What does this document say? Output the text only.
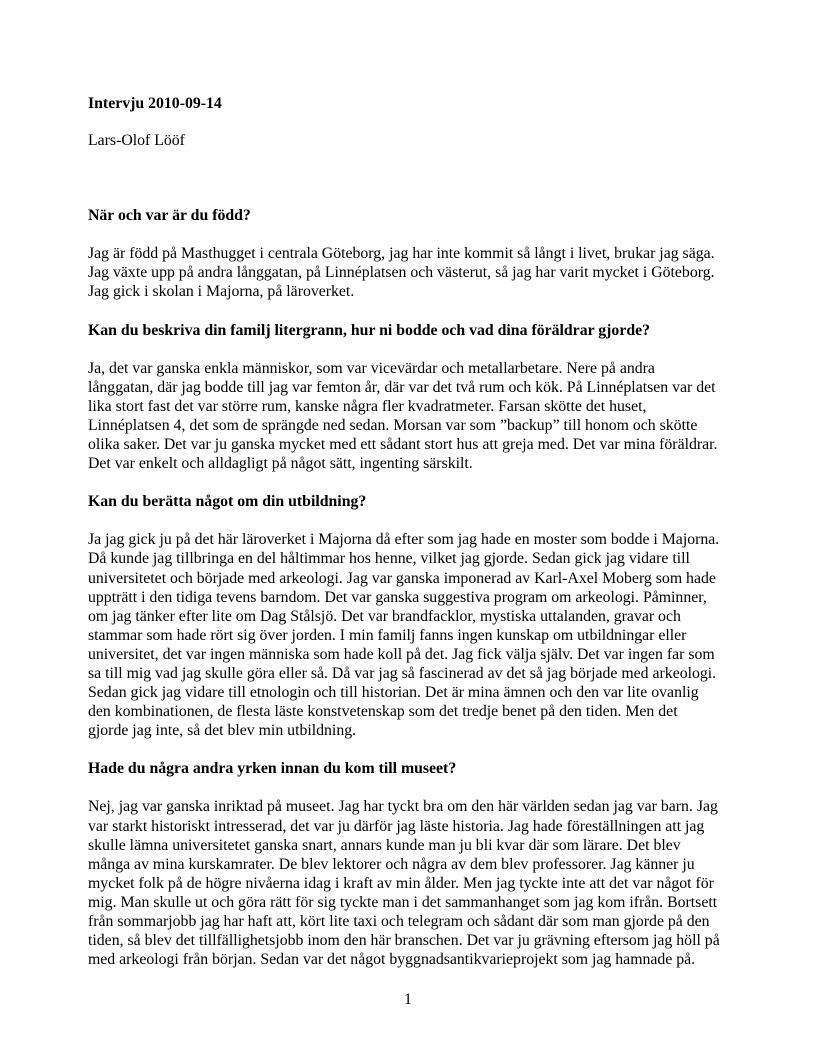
Intervju 2010-09-14

Lars-Olof Lööf

När och var är du född?

Jag är född på Masthugget i centrala Göteborg, jag har inte kommit så långt i livet, brukar jag säga.
Jag växte upp på andra långgatan, på Linnéplatsen och västerut, så jag har varit mycket i Göteborg.
Jag gick i skolan i Majorna, på läroverket.

Kan du beskriva din familj litergrann, hur ni bodde och vad dina föräldrar gjorde?

Ja, det var ganska enkla människor, som var vicevärdar och metallarbetare. Nere på andra
långgatan, där jag bodde till jag var femton år, där var det två rum och kök. På Linnéplatsen var det
lika stort fast det var större rum, kanske några fler kvadratmeter. Farsan skötte det huset,
Linnéplatsen 4, det som de sprängde ned sedan. Morsan var som ”backup” till honom och skötte
olika saker. Det var ju ganska mycket med ett sådant stort hus att greja med. Det var mina föräldrar.
Det var enkelt och alldagligt på något sätt, ingenting särskilt.

Kan du berätta något om din utbildning?

Ja jag gick ju på det här läroverket i Majorna då efter som jag hade en moster som bodde i Majorna.
Då kunde jag tillbringa en del håltimmar hos henne, vilket jag gjorde. Sedan gick jag vidare till
universitetet och började med arkeologi. Jag var ganska imponerad av Karl-Axel Moberg som hade
uppträtt i den tidiga tevens barndom. Det var ganska suggestiva program om arkeologi. Påminner,
om jag tänker efter lite om Dag Stålsjö. Det var brandfacklor, mystiska uttalanden, gravar och
stammar som hade rört sig över jorden. I min familj fanns ingen kunskap om utbildningar eller
universitet, det var ingen människa som hade koll på det. Jag fick välja själv. Det var ingen far som
sa till mig vad jag skulle göra eller så. Då var jag så fascinerad av det så jag började med arkeologi.
Sedan gick jag vidare till etnologin och till historian. Det är mina ämnen och den var lite ovanlig
den kombinationen, de flesta läste konstvetenskap som det tredje benet på den tiden. Men det
gjorde jag inte, så det blev min utbildning.

Hade du några andra yrken innan du kom till museet?

Nej, jag var ganska inriktad på museet. Jag har tyckt bra om den här världen sedan jag var barn. Jag
var starkt historiskt intresserad, det var ju därför jag läste historia. Jag hade föreställningen att jag
skulle lämna universitetet ganska snart, annars kunde man ju bli kvar där som lärare. Det blev
många av mina kurskamrater. De blev lektorer och några av dem blev professorer. Jag känner ju
mycket folk på de högre nivåerna idag i kraft av min ålder. Men jag tyckte inte att det var något för
mig. Man skulle ut och göra rätt för sig tyckte man i det sammanhanget som jag kom ifrån. Bortsett
från sommarjobb jag har haft att, kört lite taxi och telegram och sådant där som man gjorde på den
tiden, så blev det tillfällighetsjobb inom den här branschen. Det var ju grävning eftersom jag höll på
med arkeologi från början. Sedan var det något byggnadsantikvarieprojekt som jag hamnade på.

1
